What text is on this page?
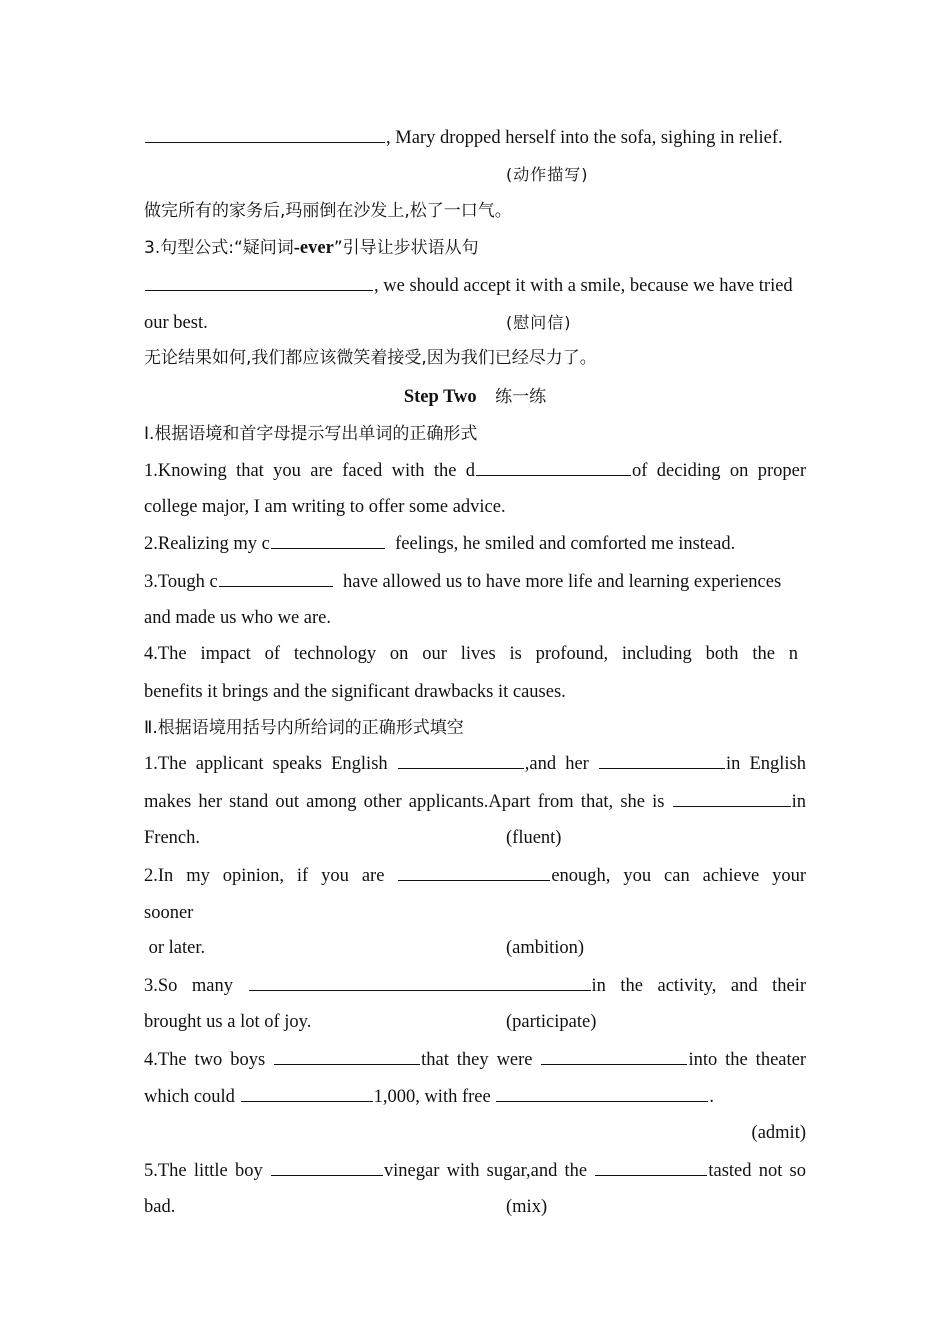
, Mary dropped herself into the sofa, sighing in relief.
(动作描写)
做完所有的家务后,玛丽倒在沙发上,松了一口气。
3.句型公式:“疑问词-ever”引导让步状语从句
, we should accept it with a smile, because we have tried
our best.	(慰问信)
无论结果如何,我们都应该微笑着接受,因为我们已经尽力了。
Step Two 练一练
Ⅰ.根据语境和首字母提示写出单词的正确形式
1.Knowing that you are faced with the d	of deciding on proper
college major, I am writing to offer some advice.
2.Realizing my c	feelings, he smiled and comforted me instead.
3.Tough c	have allowed us to have more life and learning experiences
and made us who we are.
4.The impact of technology on our lives is profound, including both the n
benefits it brings and the significant drawbacks it causes.
Ⅱ.根据语境用括号内所给词的正确形式填空
1.The applicant speaks English	,and her	in English
makes her stand out among other applicants.Apart from that, she is	in
French.	(fluent)
2.In my opinion, if you are	enough, you can achieve your
sooner
or later.	(ambition)
3.So many	in the activity, and their
brought us a lot of joy.	(participate)
4.The two boys	that they were	into the theater
which could	1,000, with free	.
(admit)
5.The little boy	vinegar with sugar,and the	tasted not so
bad.	(mix)
